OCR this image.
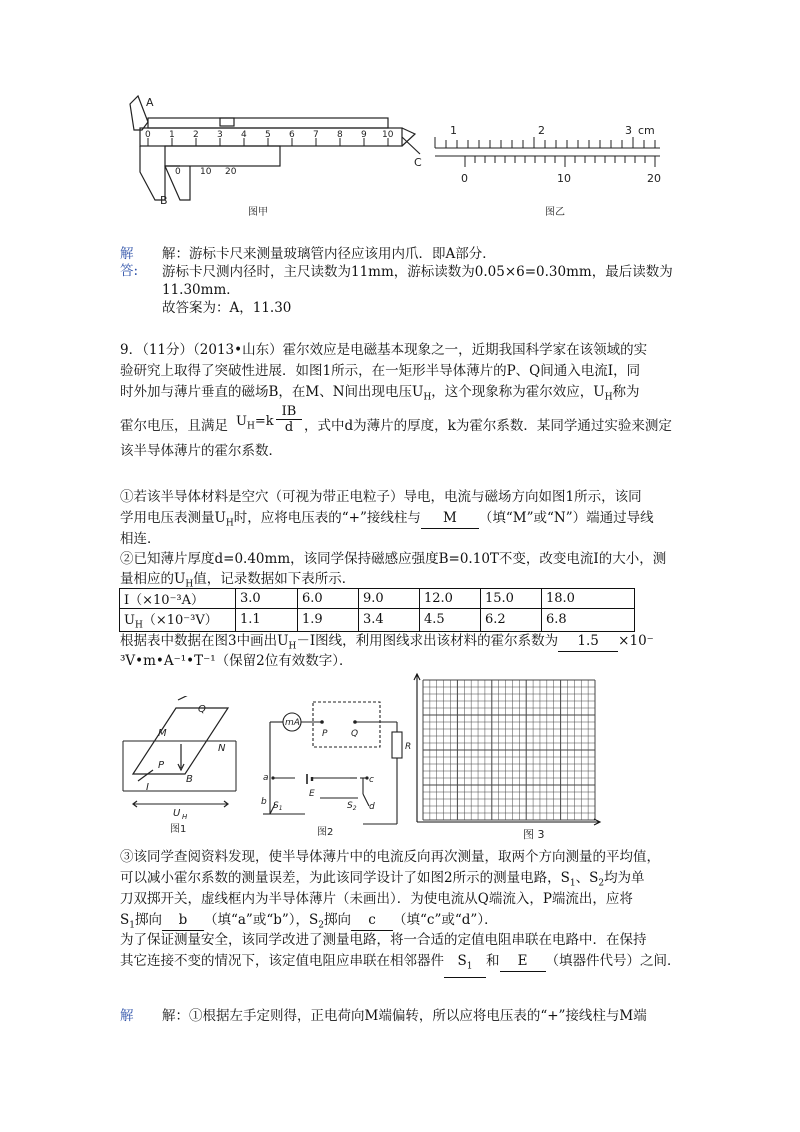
0 1 2 3 4 5 6 7 8 9 10
0 10 20
A
B
C
图甲
1	2	3 cm
0	10	20
图乙
解答:
解：游标卡尺来测量玻璃管内径应该用内爪．即A部分．
游标卡尺测内径时，主尺读数为11mm，游标读数为0.05×6=0.30mm，最后读数为
11.30mm．
故答案为：A，11.30
9．（11分）（2013•山东）霍尔效应是电磁基本现象之一，近期我国科学家在该领域的实
验研究上取得了突破性进展．如图1所示，在一矩形半导体薄片的P、Q间通入电流I，同
时外加与薄片垂直的磁场B，在M、N间出现电压$U_H$，这个现象称为霍尔效应，$U_H$称为
霍尔电压，且满足 $U_H=k$
IB
d ，式中d为薄片的厚度，k为霍尔系数．某同学通过实验来测定
该半导体薄片的霍尔系数．
①若该半导体材料是空穴（可视为带正电粒子）导电，电流与磁场方向如图1所示，该同
学用电压表测量$U_H$时，应将电压表的“+”接线柱与 M （填“M”或“N”）端通过导线
相连．
②已知薄片厚度d=0.40mm，该同学保持磁感应强度B=0.10T不变，改变电流I的大小，测
量相应的$U_H$值，记录数据如下表所示．
I（×10⁻³A）	3.0	6.0	9.0	12.0	15.0	18.0
$U_H(\times 10^{-3}V)$	1.1	1.9	3.4	4.5	6.2	6.8
根据表中数据在图3中画出$U_H-I$图线，利用图线求出该材料的霍尔系数为 1.5 ×10⁻
³V•m•A⁻¹•T⁻¹（保留2位有效数字）．
Q
M
N
P
I
B
U H
图1
mA
P	Q
R
a
b
c
d
E
$S_1$	$S_2$
图2	图 3
③该同学查阅资料发现，使半导体薄片中的电流反向再次测量，取两个方向测量的平均值，
可以减小霍尔系数的测量误差，为此该同学设计了如图2所示的测量电路，$S_1$、$S_2$均为单
刀双掷开关，虚线框内为半导体薄片（未画出）．为使电流从Q端流入，P端流出，应将
$S_1$掷向 b （填“a”或“b”），$S_2$掷向 c （填“c”或“d”）．
为了保证测量安全，该同学改进了测量电路，将一合适的定值电阻串联在电路中．在保持
其它连接不变的情况下，该定值电阻应串联在相邻器件 $S_1$ 和 E （填器件代号）之间．
解 解：①根据左手定则得，正电荷向M端偏转，所以应将电压表的“+”接线柱与M端
